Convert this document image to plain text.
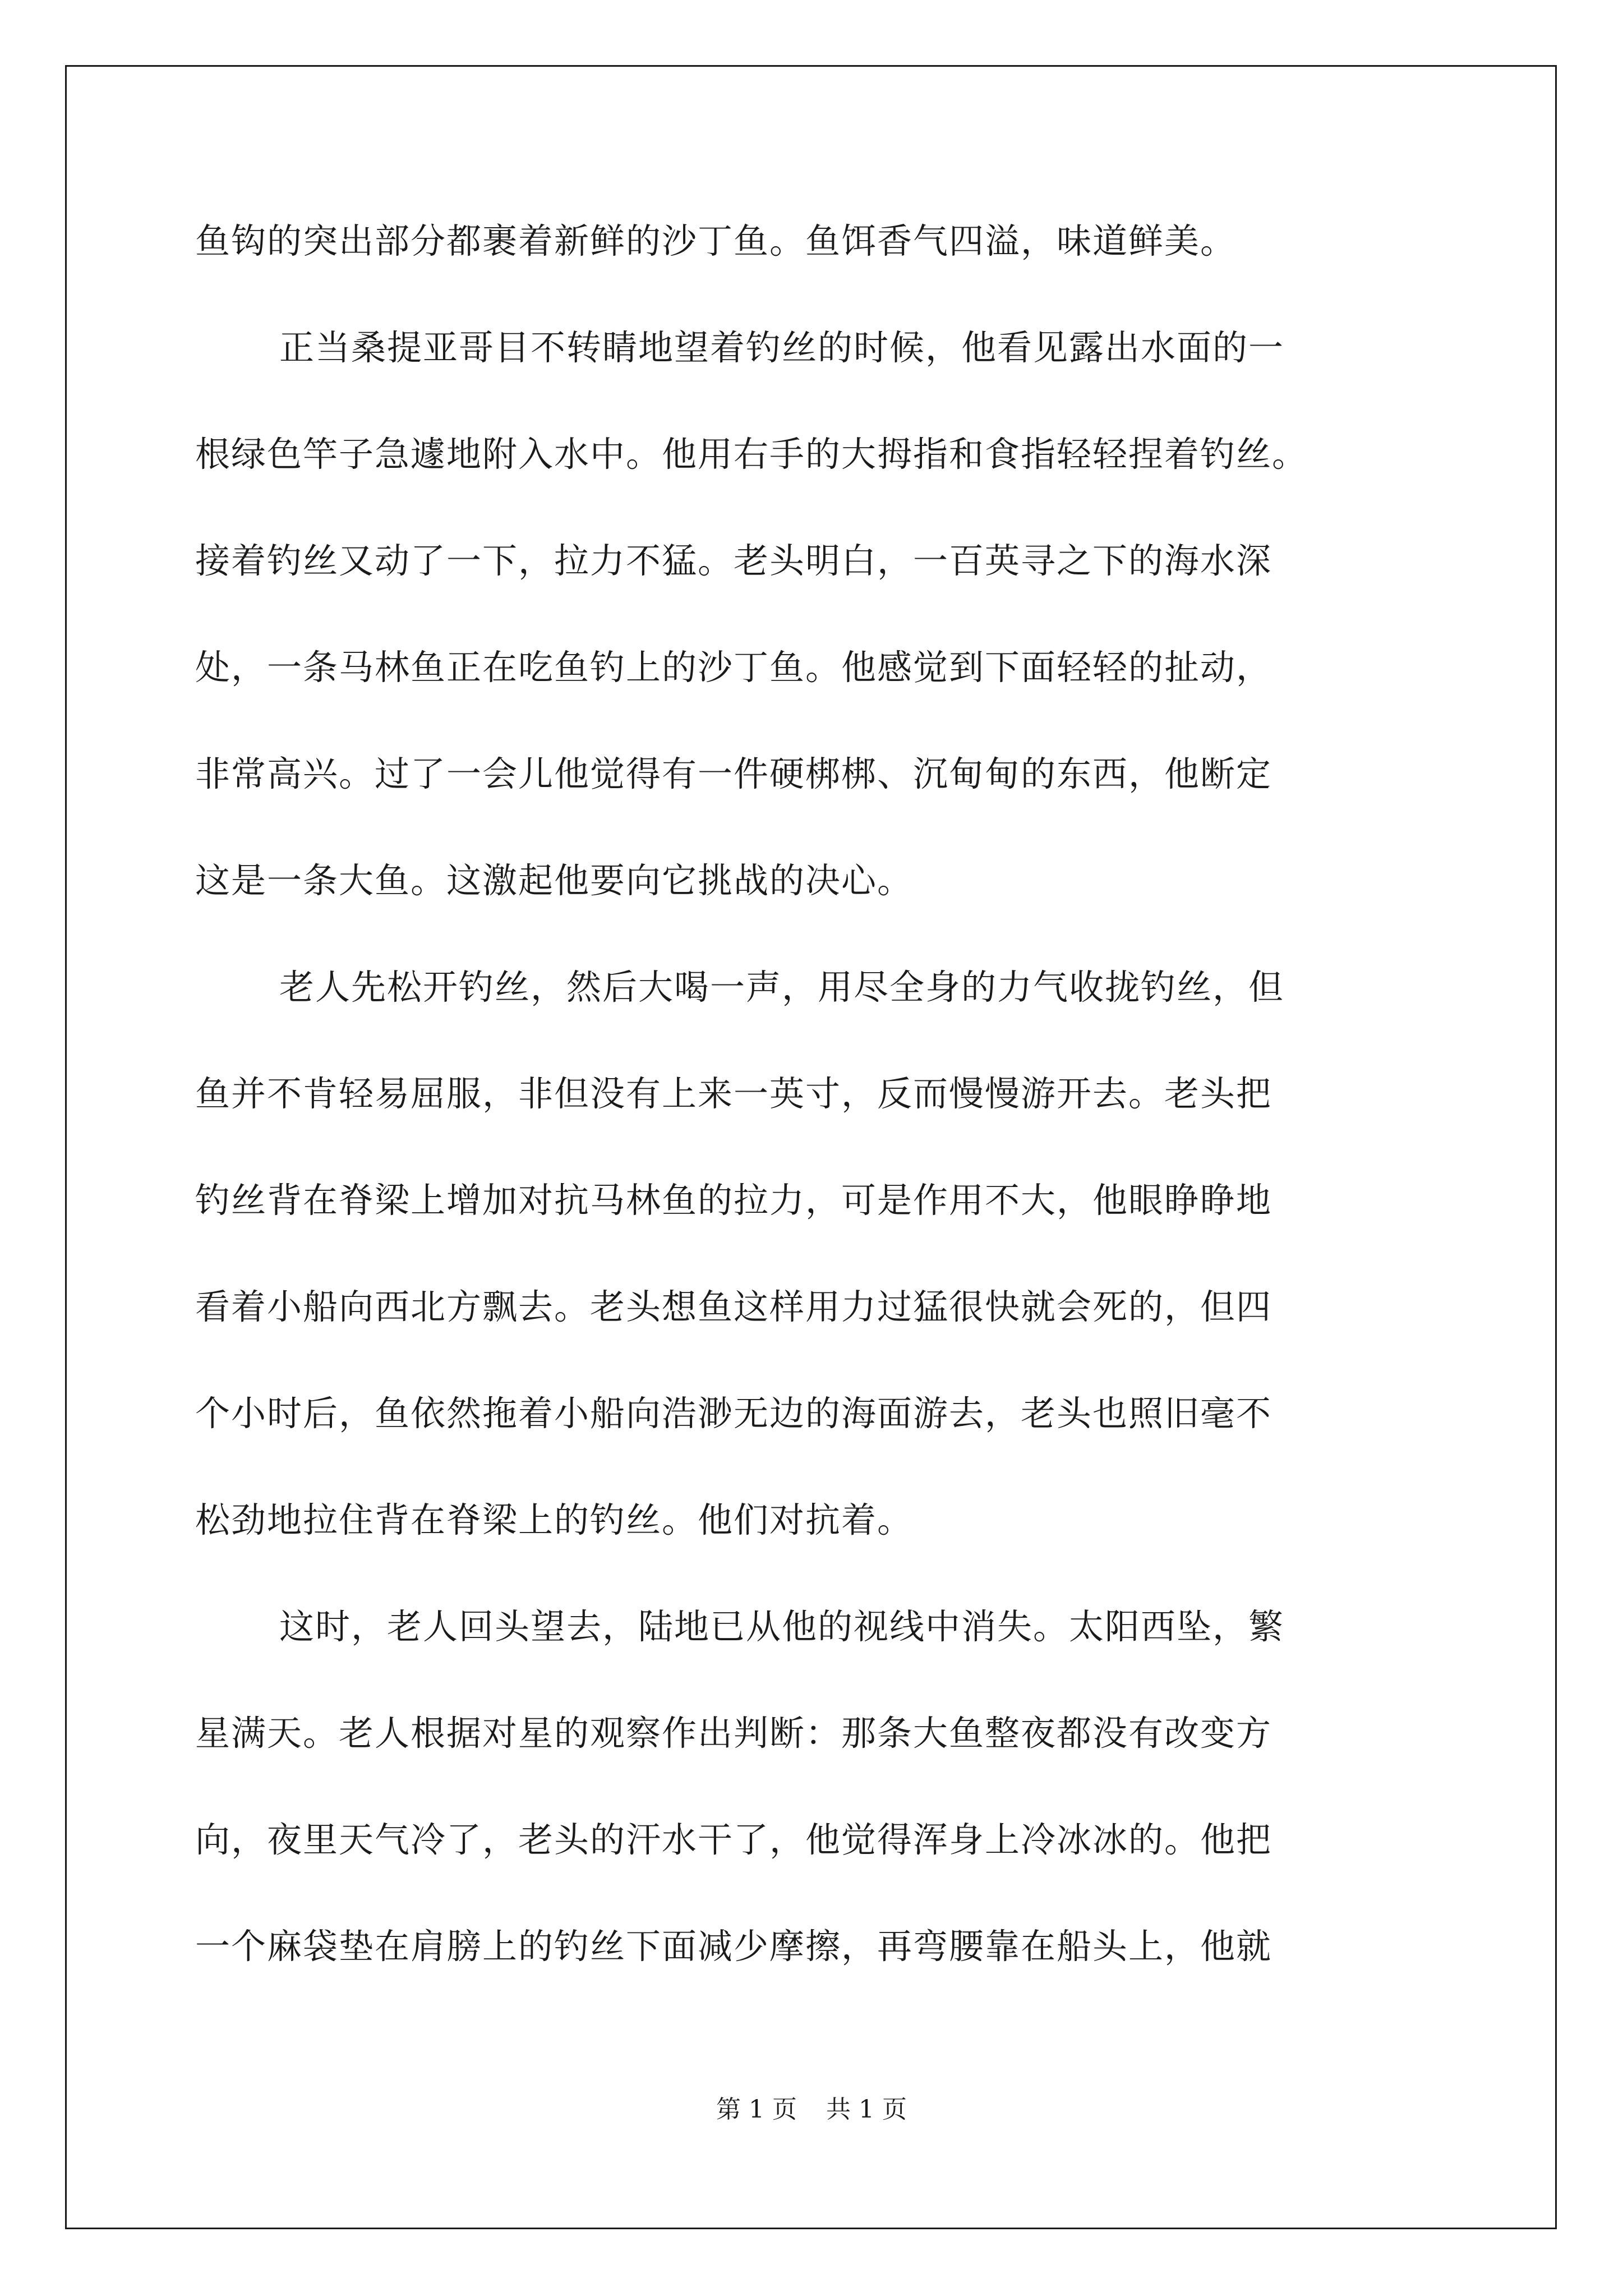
鱼钩的突出部分都裹着新鲜的沙丁鱼。鱼饵香气四溢，味道鲜美。
正当桑提亚哥目不转睛地望着钓丝的时候，他看见露出水面的一
根绿色竿子急遽地附入水中。他用右手的大拇指和食指轻轻捏着钓丝。
接着钓丝又动了一下，拉力不猛。老头明白，一百英寻之下的海水深
处，一条马林鱼正在吃鱼钓上的沙丁鱼。他感觉到下面轻轻的扯动，
非常高兴。过了一会儿他觉得有一件硬梆梆、沉甸甸的东西，他断定
这是一条大鱼。这激起他要向它挑战的决心。
老人先松开钓丝，然后大喝一声，用尽全身的力气收拢钓丝，但
鱼并不肯轻易屈服，非但没有上来一英寸，反而慢慢游开去。老头把
钓丝背在脊梁上增加对抗马林鱼的拉力，可是作用不大，他眼睁睁地
看着小船向西北方飘去。老头想鱼这样用力过猛很快就会死的，但四
个小时后，鱼依然拖着小船向浩渺无边的海面游去，老头也照旧毫不
松劲地拉住背在脊梁上的钓丝。他们对抗着。
这时，老人回头望去，陆地已从他的视线中消失。太阳西坠，繁
星满天。老人根据对星的观察作出判断：那条大鱼整夜都没有改变方
向，夜里天气冷了，老头的汗水干了，他觉得浑身上冷冰冰的。他把
一个麻袋垫在肩膀上的钓丝下面减少摩擦，再弯腰靠在船头上，他就
第 1 页 共 1 页
